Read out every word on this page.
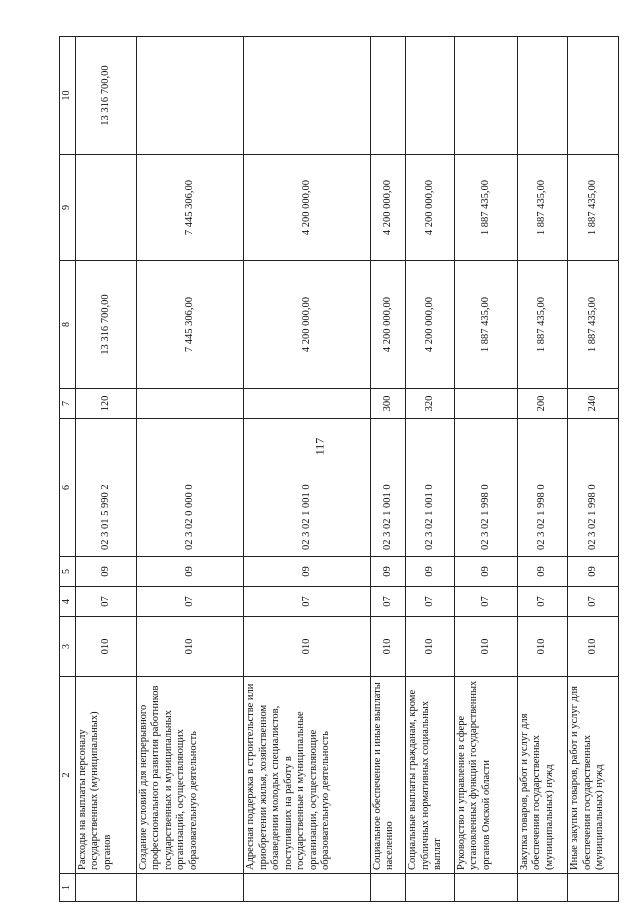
117
1	2	3	4	5	6	7	8	9	10
	Расходы на выплаты персоналу государственных (муниципальных) органов	010	07	09	02 3 01 5 990 2	120	13 316 700,00		13 316 700,00
	Создание условий для непрерывного профессионального развития работников государственных и муниципальных организаций, осуществляющих образовательную деятельность	010	07	09	02 3 02 0 000 0		7 445 306,00	7 445 306,00	
	Адресная поддержка в строительстве или приобретении жилья, хозяйственном обзаведении молодых специалистов, поступивших на работу в государственные и муниципальные организации, осуществляющие образовательную деятельность	010	07	09	02 3 02 1 001 0		4 200 000,00	4 200 000,00	
	Социальное обеспечение и иные выплаты населению	010	07	09	02 3 02 1 001 0	300	4 200 000,00	4 200 000,00	
	Социальные выплаты гражданам, кроме публичных нормативных социальных выплат	010	07	09	02 3 02 1 001 0	320	4 200 000,00	4 200 000,00	
	Руководство и управление в сфере установленных функций государственных органов Омской области	010	07	09	02 3 02 1 998 0		1 887 435,00	1 887 435,00	
	Закупка товаров, работ и услуг для обеспечения государственных (муниципальных) нужд	010	07	09	02 3 02 1 998 0	200	1 887 435,00	1 887 435,00	
	Иные закупки товаров, работ и услуг для обеспечения государственных (муниципальных) нужд	010	07	09	02 3 02 1 998 0	240	1 887 435,00	1 887 435,00	
